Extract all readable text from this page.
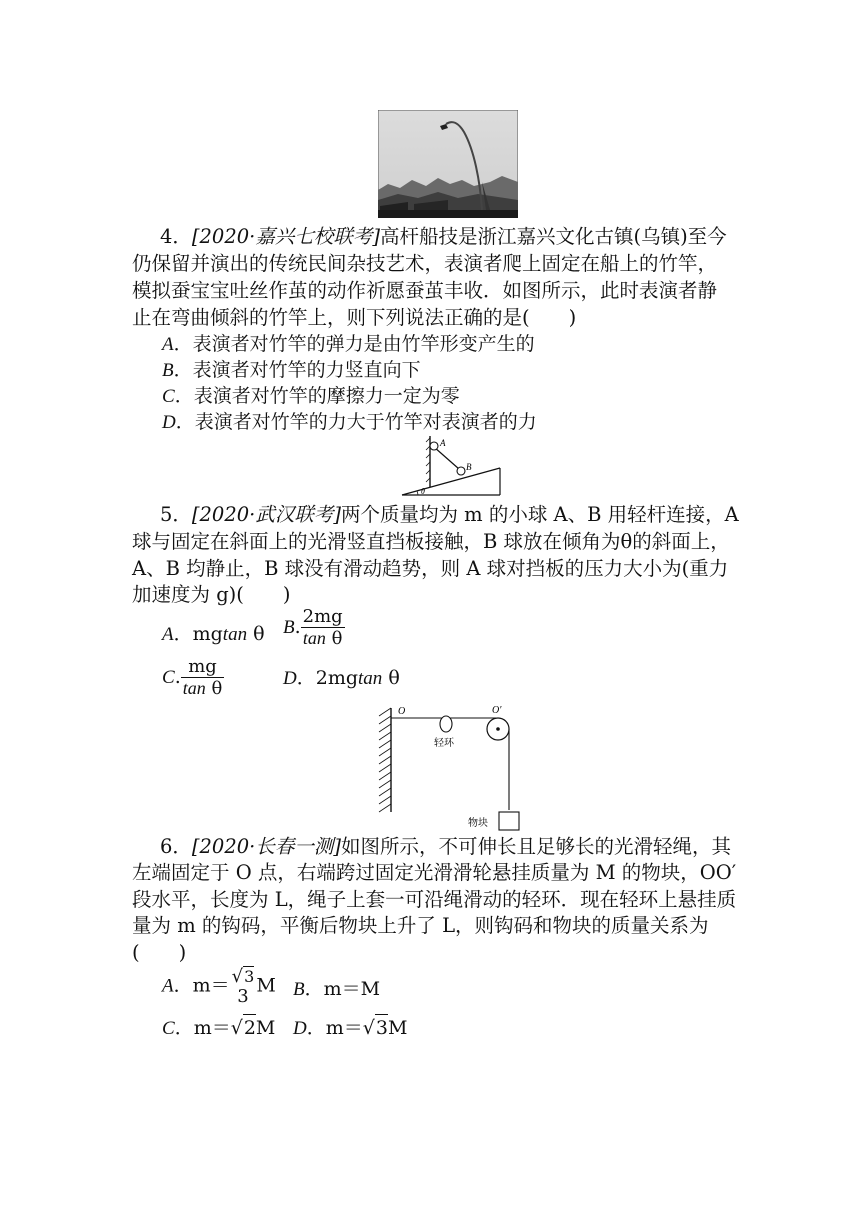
4．[2020·嘉兴七校联考]高杆船技是浙江嘉兴文化古镇(乌镇)至今
仍保留并演出的传统民间杂技艺术，表演者爬上固定在船上的竹竿，
模拟蚕宝宝吐丝作茧的动作祈愿蚕茧丰收．如图所示，此时表演者静
止在弯曲倾斜的竹竿上，则下列说法正确的是(　　)
A．表演者对竹竿的弹力是由竹竿形变产生的
B．表演者对竹竿的力竖直向下
C．表演者对竹竿的摩擦力一定为零
D．表演者对竹竿的力大于竹竿对表演者的力
A
B
θ
5．[2020·武汉联考]两个质量均为 m 的小球 A、B 用轻杆连接，A
球与固定在斜面上的光滑竖直挡板接触，B 球放在倾角为θ的斜面上，
A、B 均静止，B 球没有滑动趋势，则 A 球对挡板的压力大小为(重力
加速度为 g)(　　)
A．mgtan θ B. $\frac{2mg}{\text{tan θ}}$
C. $\frac{mg}{\text{tan θ}}$	D．2mgtan θ
O	O′
轻环
物块
6．[2020·长春一测]如图所示，不可伸长且足够长的光滑轻绳，其
左端固定于 O 点，右端跨过固定光滑滑轮悬挂质量为 M 的物块，OO′
段水平，长度为 L，绳子上套一可沿绳滑动的轻环．现在轻环上悬挂质
量为 m 的钩码，平衡后物块上升了 L，则钩码和物块的质量关系为
(　　)
A．m＝ √3
3 M B．m＝M
C．m＝√2M D．m＝√3M
